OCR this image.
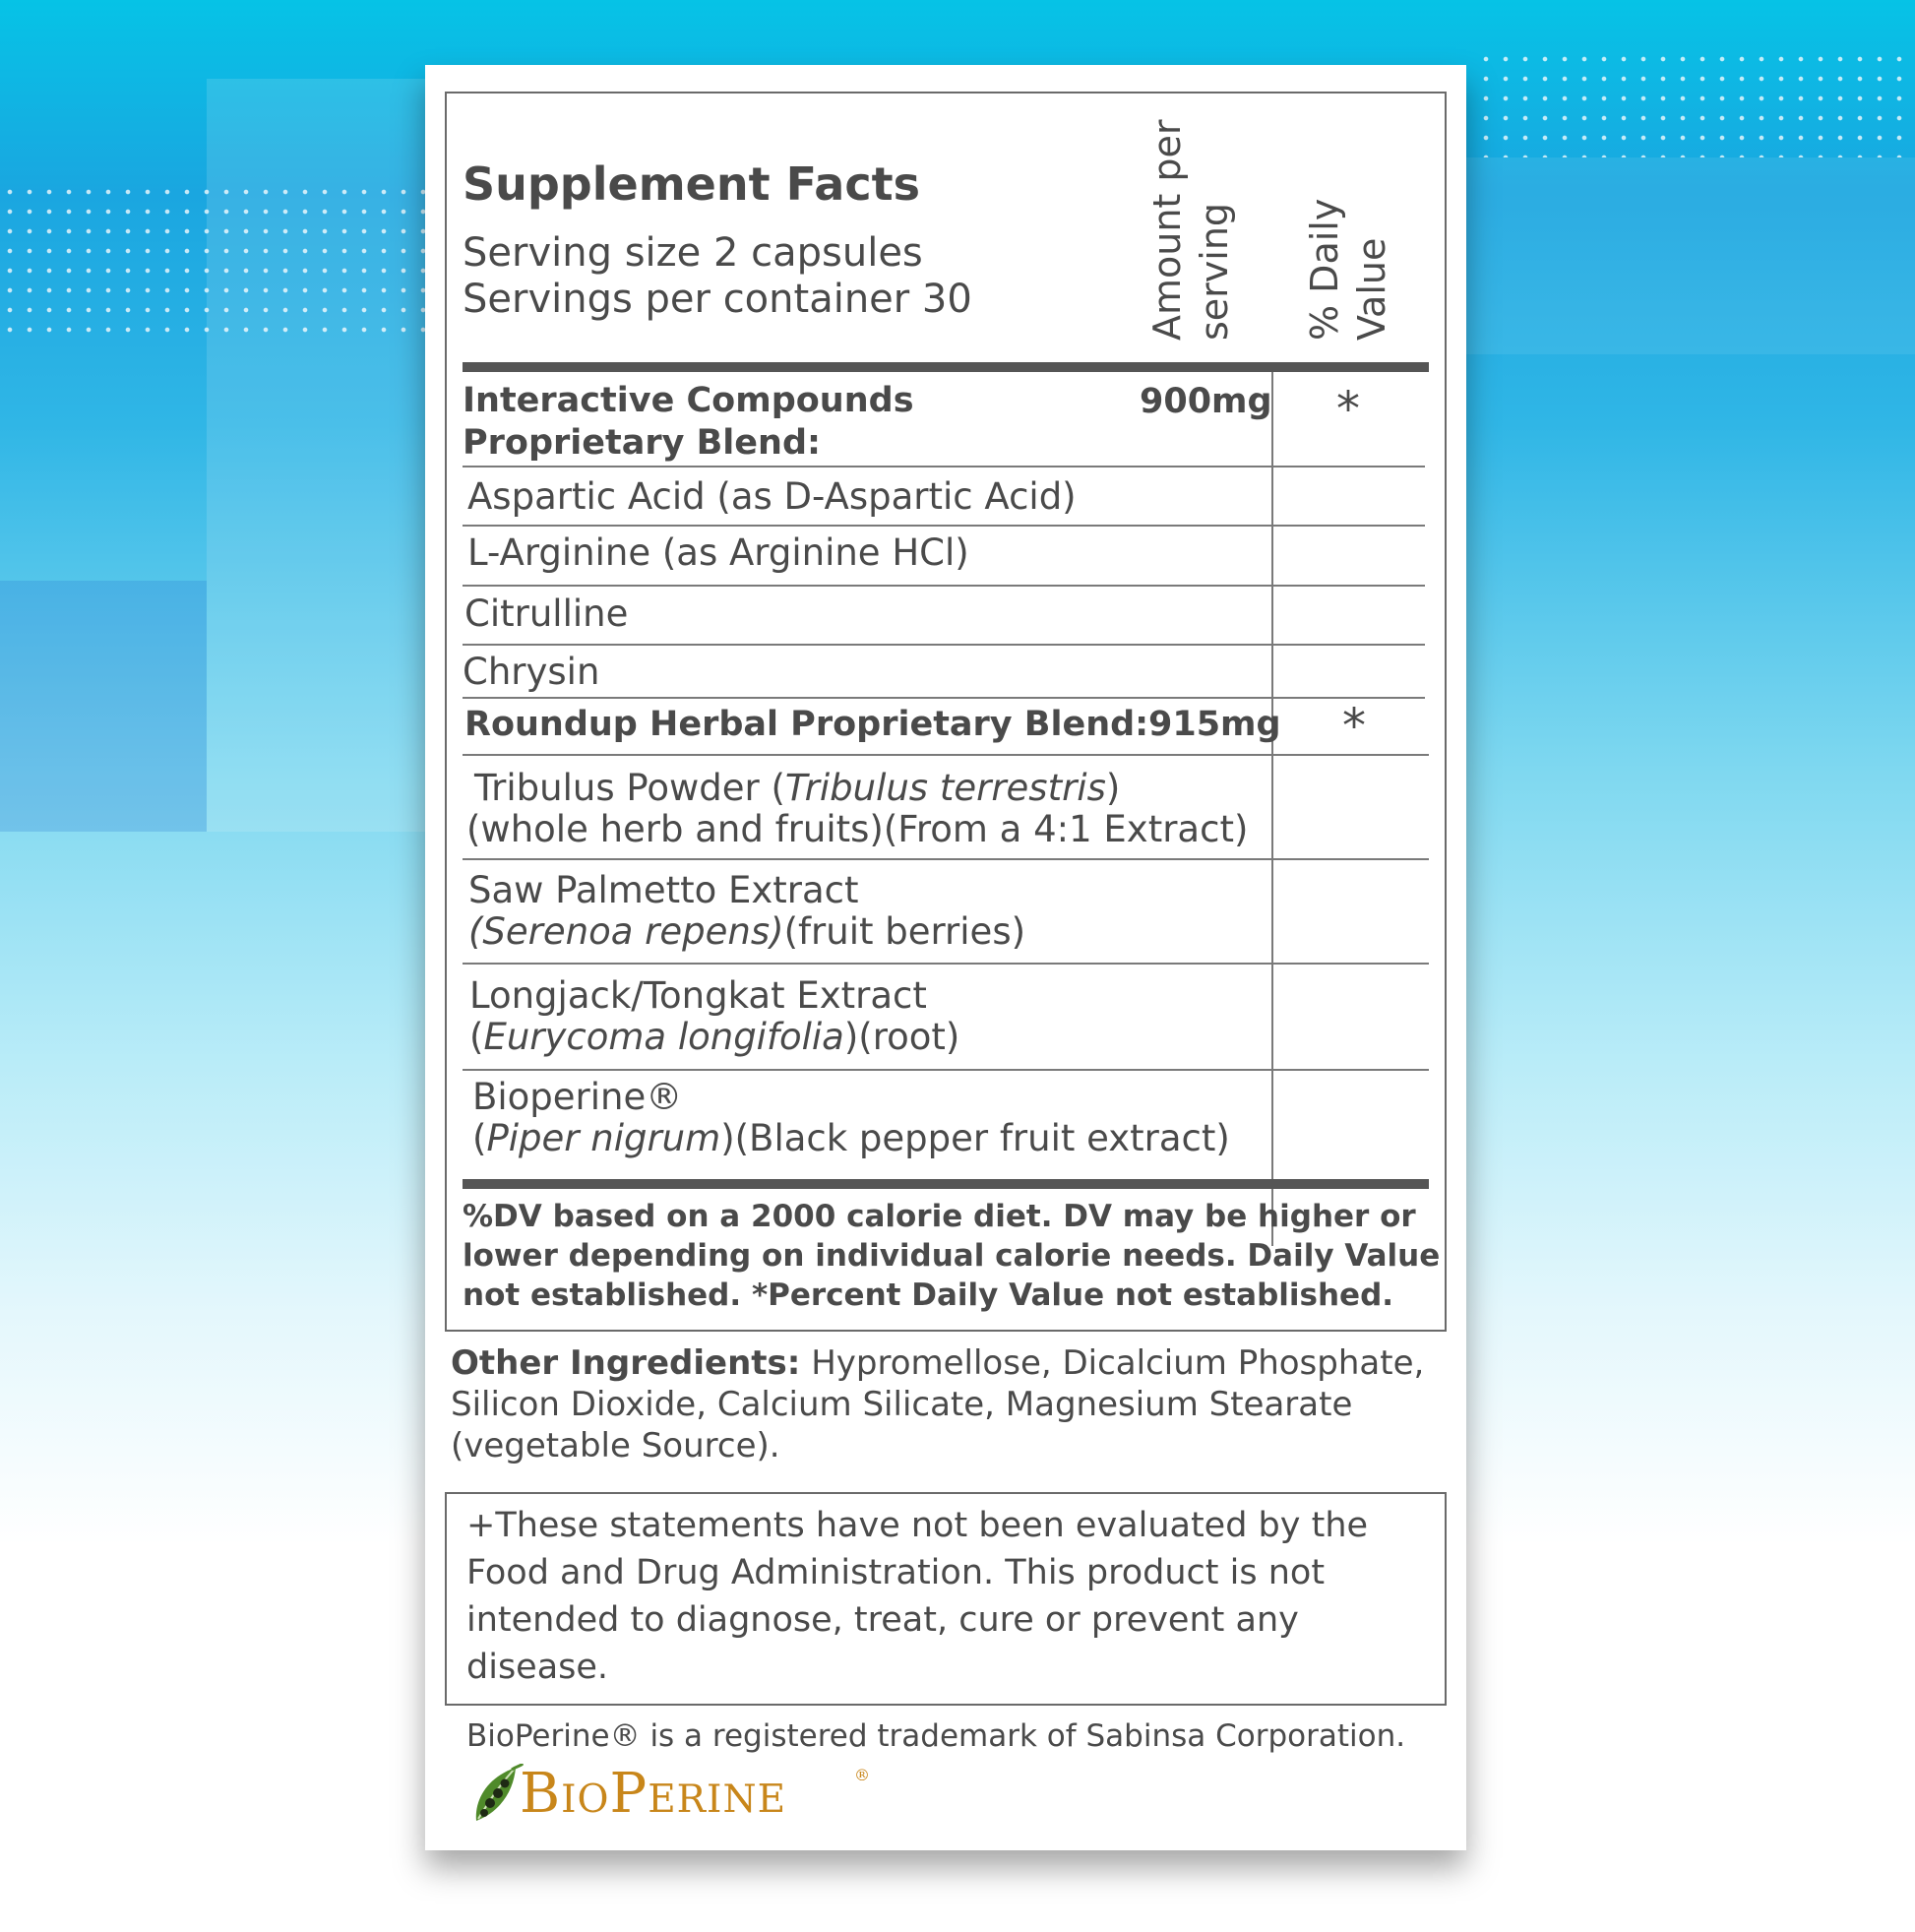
Supplement Facts
Serving size 2 capsules
Servings per container 30	Amount per serving % Daily Value
Interactive Compounds
Proprietary Blend:
900mg *
Aspartic Acid (as D-Aspartic Acid)
L-Arginine (as Arginine HCl)
Citrulline
Chrysin
Roundup Herbal Proprietary Blend: 915mg *
Tribulus Powder (Tribulus terrestris)
(whole herb and fruits)(From a 4:1 Extract)
Saw Palmetto Extract
(Serenoa repens)(fruit berries)
Longjack/Tongkat Extract
(Eurycoma longifolia)(root)
Bioperine®
(Piper nigrum)(Black pepper fruit extract)
%DV based on a 2000 calorie diet. DV may be higher or
lower depending on individual calorie needs. Daily Value
not established. *Percent Daily Value not established.
Other Ingredients: Hypromellose, Dicalcium Phosphate,
Silicon Dioxide, Calcium Silicate, Magnesium Stearate
(vegetable Source).
+These statements have not been evaluated by the
Food and Drug Administration. This product is not
intended to diagnose, treat, cure or prevent any
disease.
BioPerine® is a registered trademark of Sabinsa Corporation.
BioPerine	®
